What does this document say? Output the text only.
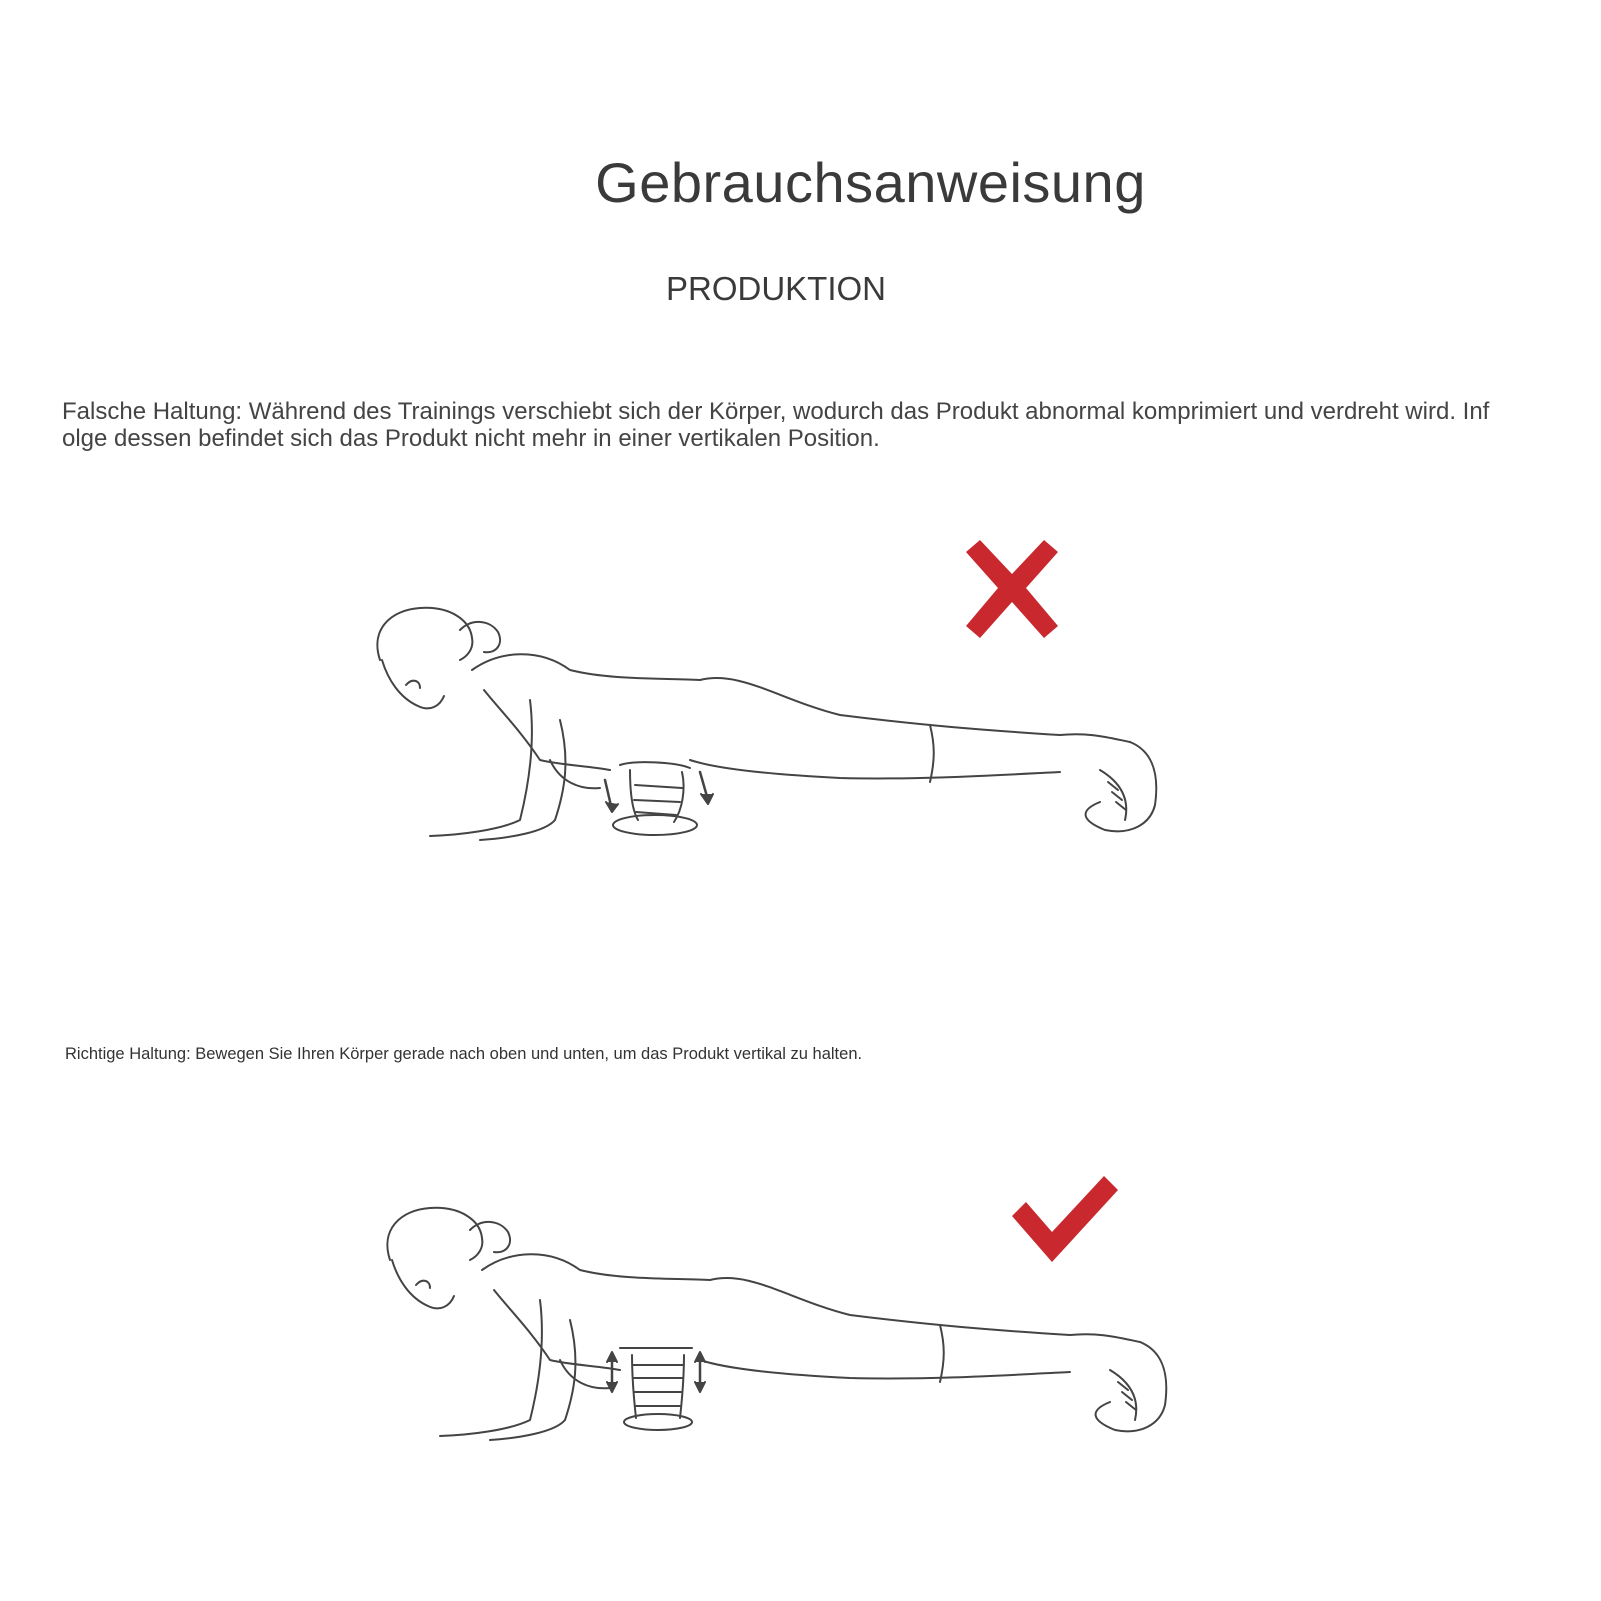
Gebrauchsanweisung
PRODUKTION
Falsche Haltung: Während des Trainings verschiebt sich der Körper, wodurch das Produkt abnormal komprimiert und verdreht wird. Infolge dessen befindet sich das Produkt nicht mehr in einer vertikalen Position.
Richtige Haltung: Bewegen Sie Ihren Körper gerade nach oben und unten, um das Produkt vertikal zu halten.
